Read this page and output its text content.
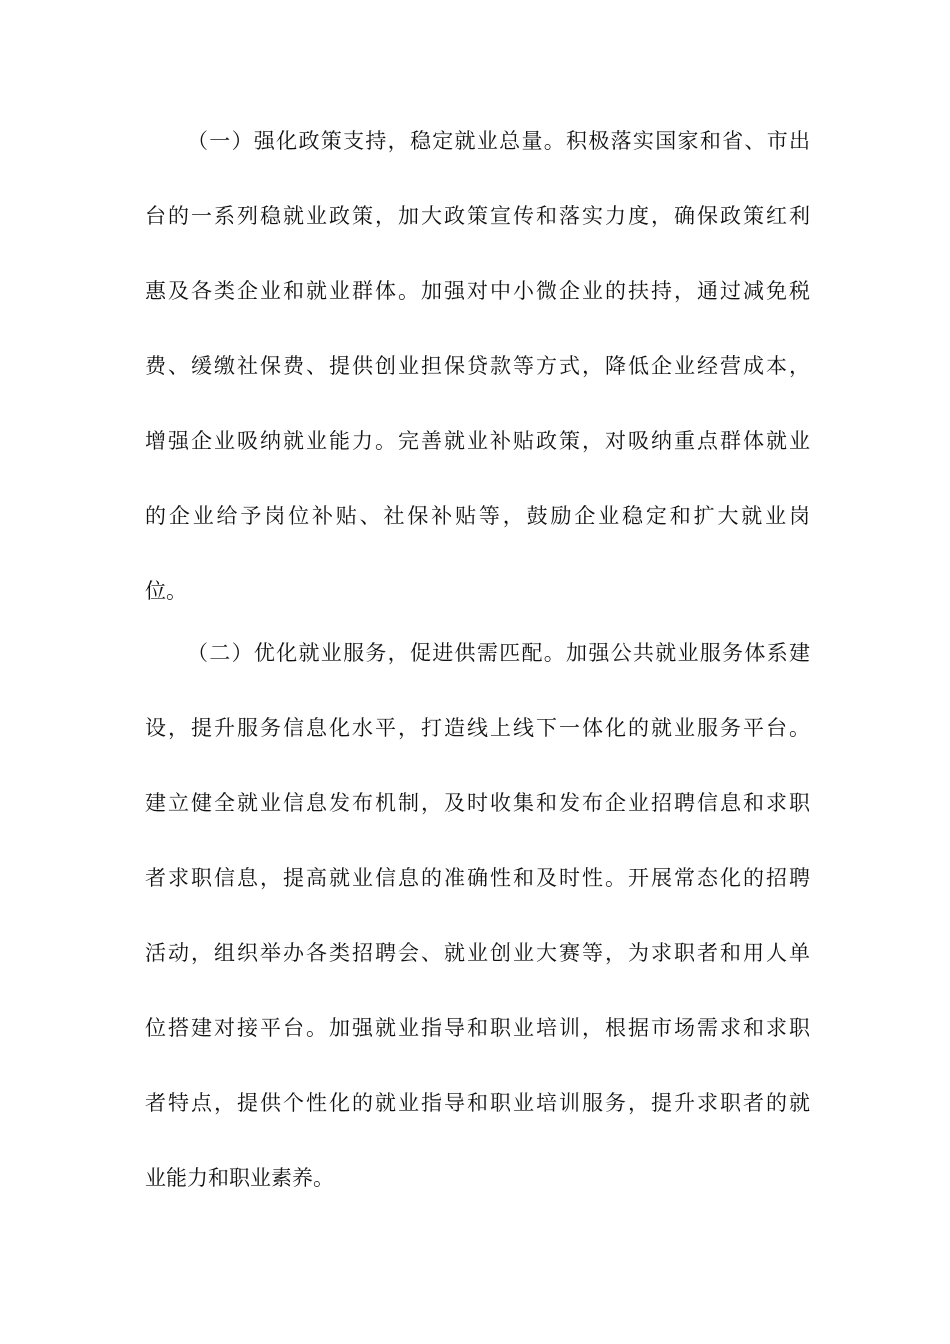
（一）强化政策支持，稳定就业总量。积极落实国家和省、市出
台的一系列稳就业政策，加大政策宣传和落实力度，确保政策红利
惠及各类企业和就业群体。加强对中小微企业的扶持，通过减免税
费、缓缴社保费、提供创业担保贷款等方式，降低企业经营成本，
增强企业吸纳就业能力。完善就业补贴政策，对吸纳重点群体就业
的企业给予岗位补贴、社保补贴等，鼓励企业稳定和扩大就业岗
位。
（二）优化就业服务，促进供需匹配。加强公共就业服务体系建
设，提升服务信息化水平，打造线上线下一体化的就业服务平台。
建立健全就业信息发布机制，及时收集和发布企业招聘信息和求职
者求职信息，提高就业信息的准确性和及时性。开展常态化的招聘
活动，组织举办各类招聘会、就业创业大赛等，为求职者和用人单
位搭建对接平台。加强就业指导和职业培训，根据市场需求和求职
者特点，提供个性化的就业指导和职业培训服务，提升求职者的就
业能力和职业素养。
